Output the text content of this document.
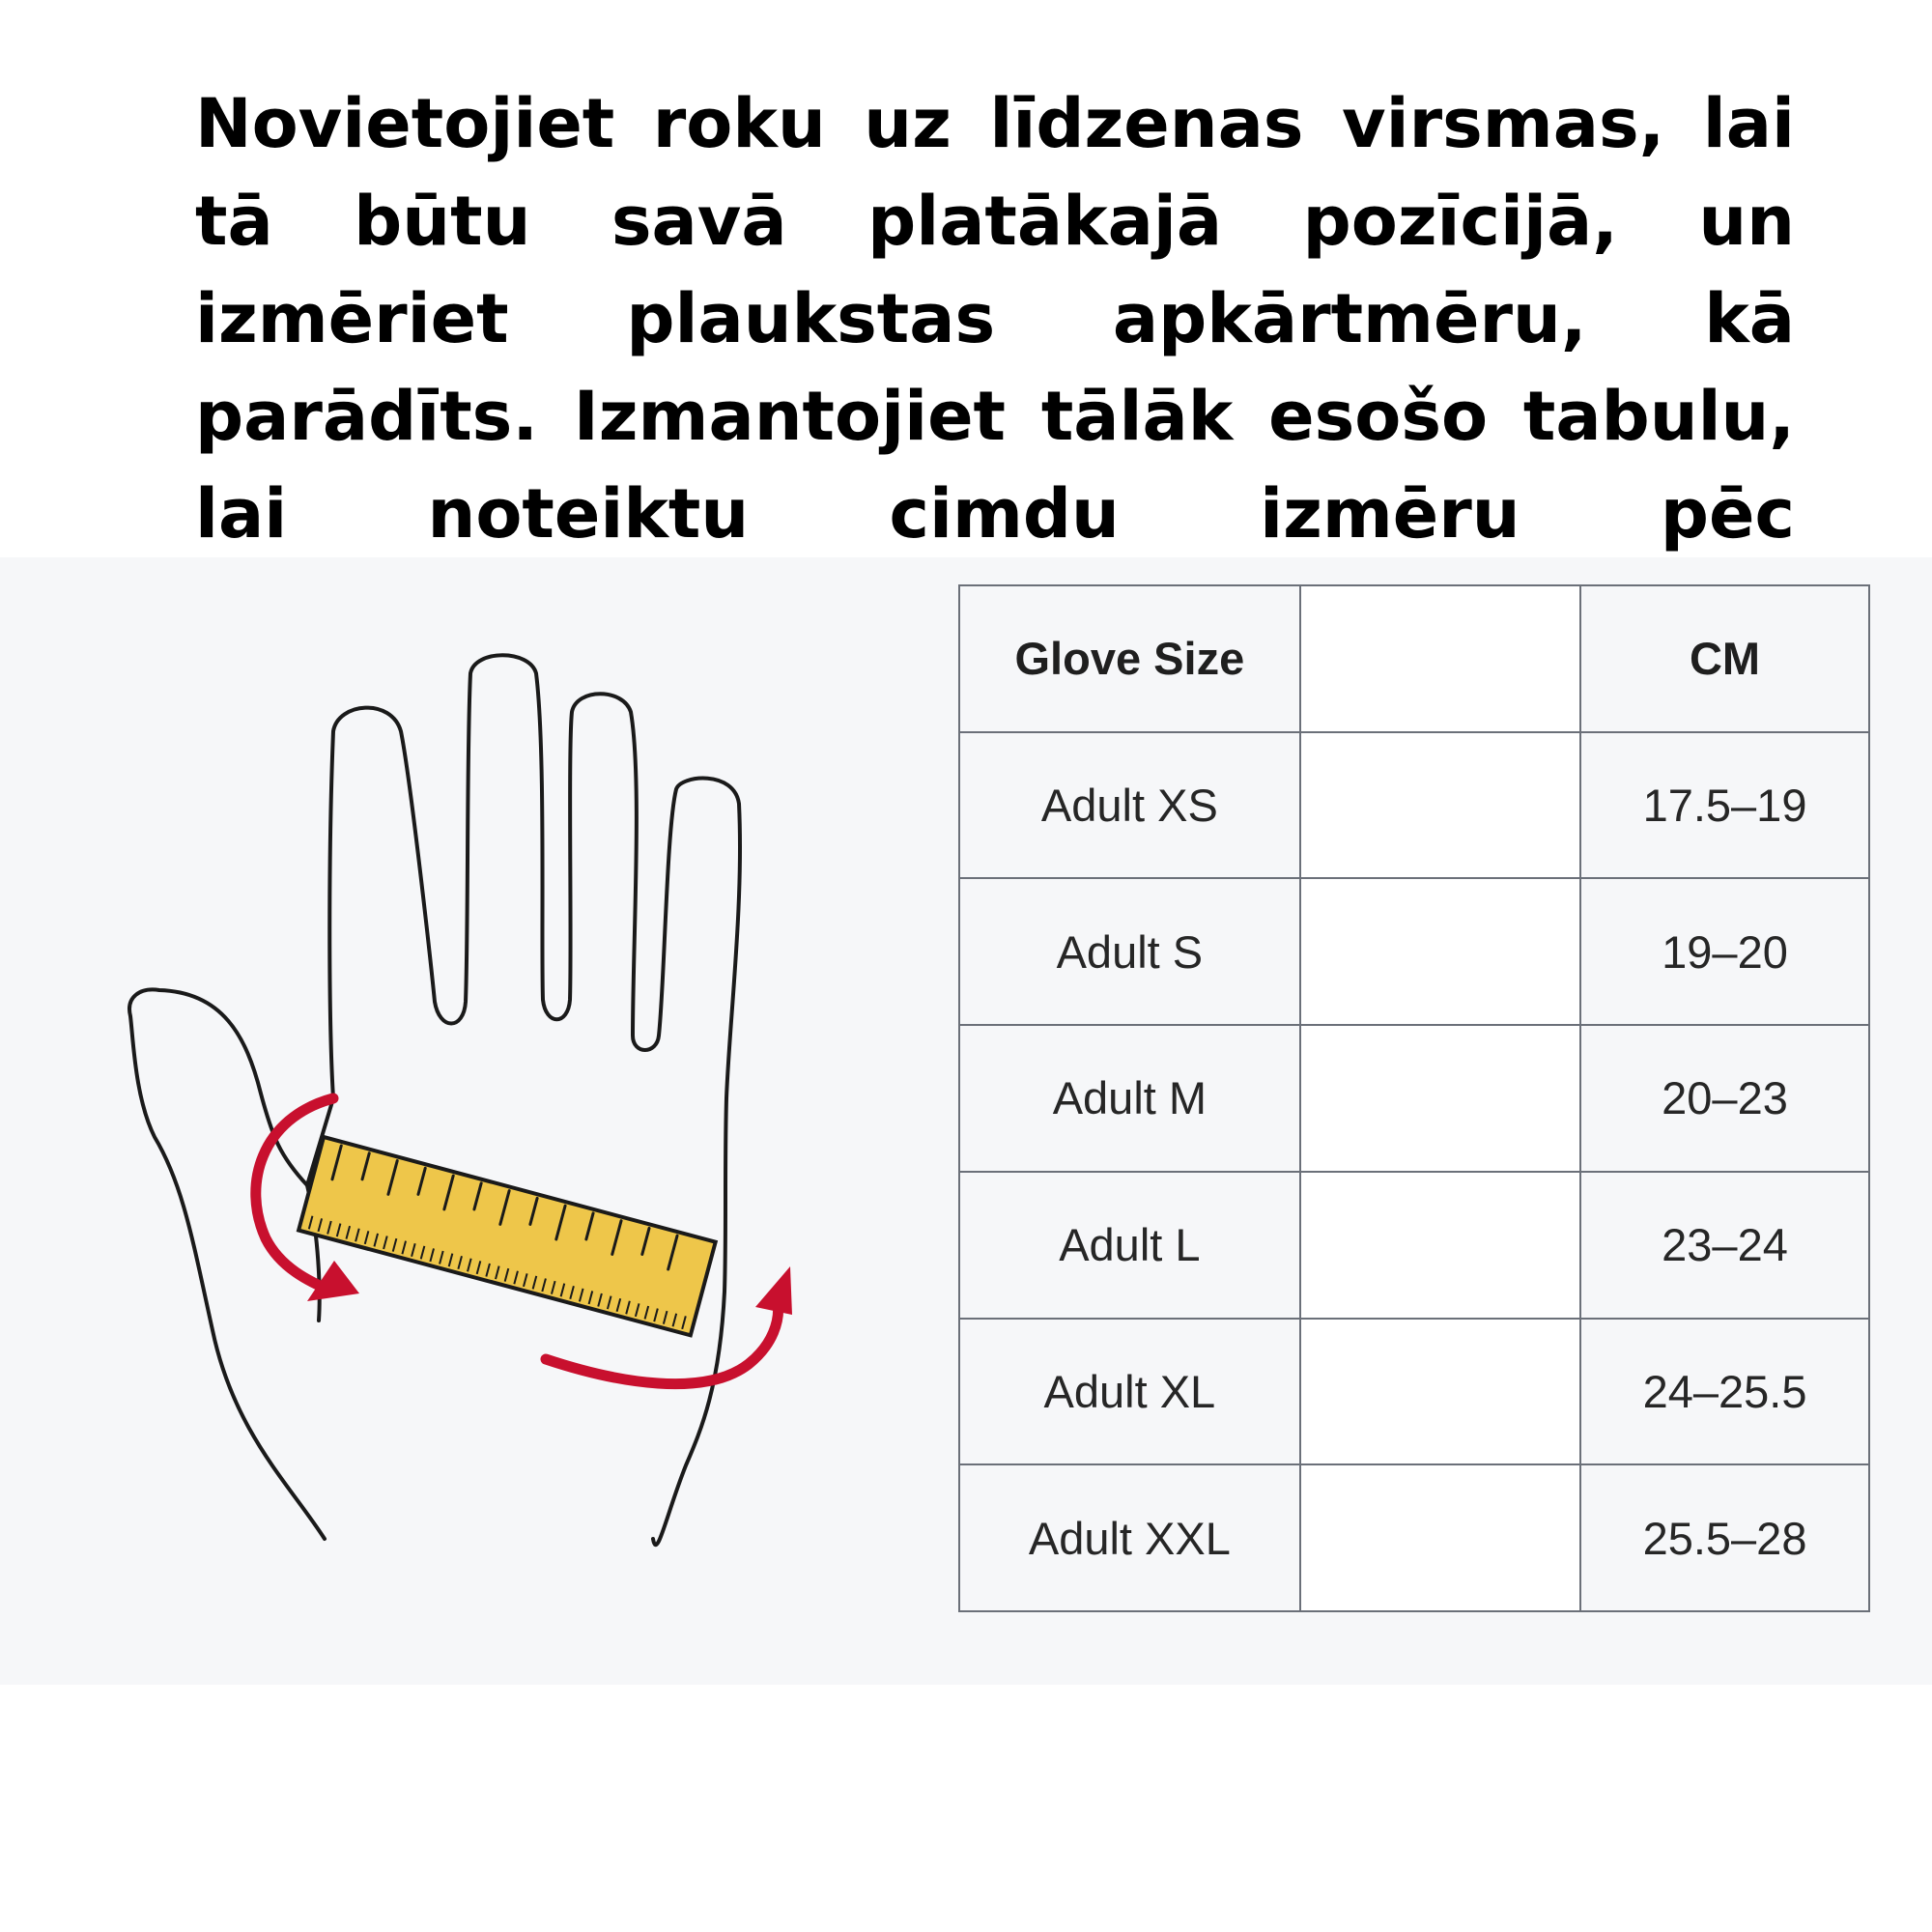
Novietojiet roku uz līdzenas virsmas, lai tā būtu savā platākajā pozīcijā, un izmēriet plaukstas apkārtmēru, kā parādīts. Izmantojiet tālāk esošo tabulu, lai noteiktu cimdu izmēru pēc

Glove Size		CM
Adult XS		17.5–19
Adult S		19–20
Adult M		20–23
Adult L		23–24
Adult XL		24–25.5
Adult XXL		25.5–28
